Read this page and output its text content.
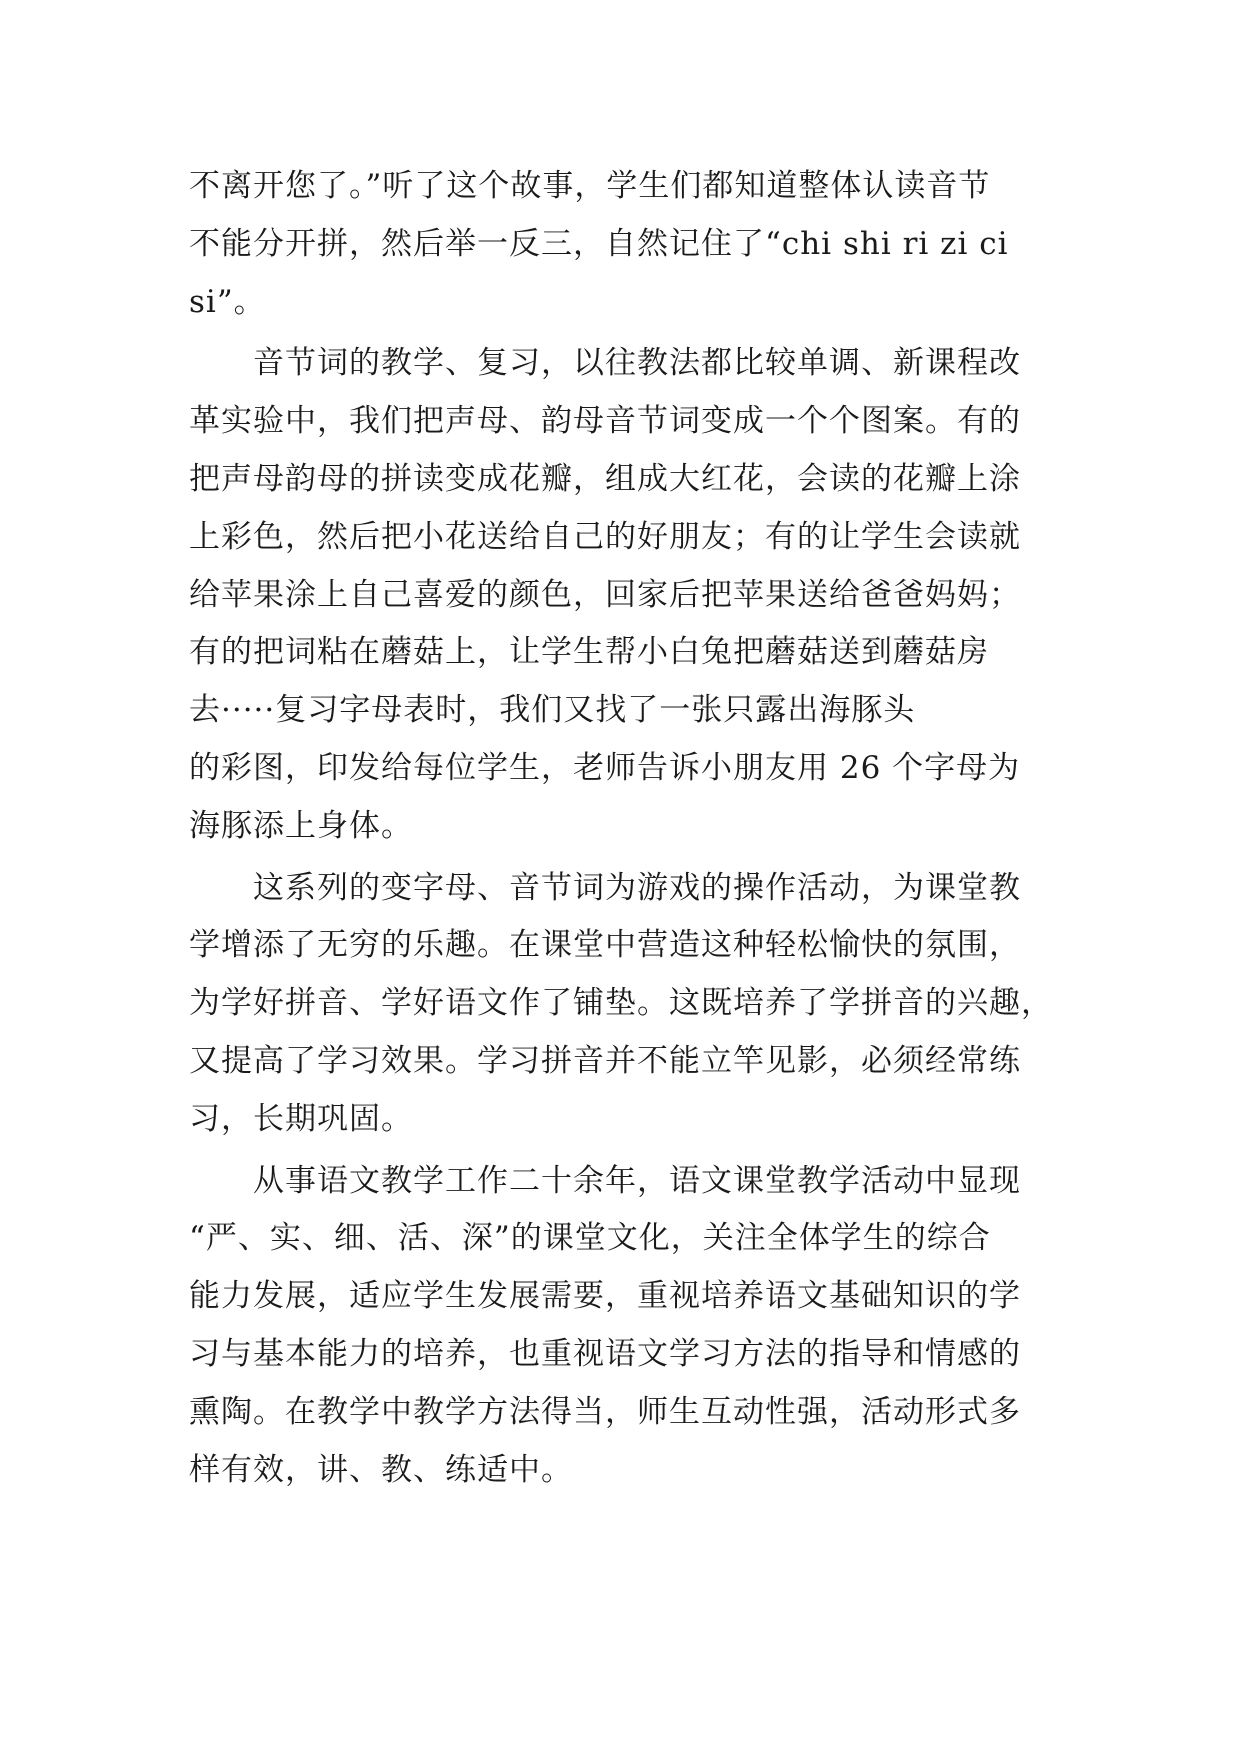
不离开您了。”听了这个故事，学生们都知道整体认读音节
不能分开拼，然后举一反三，自然记住了“chi shi ri zi ci
si”。
音节词的教学、复习，以往教法都比较单调、新课程改
革实验中，我们把声母、韵母音节词变成一个个图案。有的
把声母韵母的拼读变成花瓣，组成大红花，会读的花瓣上涂
上彩色，然后把小花送给自己的好朋友；有的让学生会读就
给苹果涂上自己喜爱的颜色，回家后把苹果送给爸爸妈妈；
有的把词粘在蘑菇上，让学生帮小白兔把蘑菇送到蘑菇房
去·····复习字母表时，我们又找了一张只露出海豚头
的彩图，印发给每位学生，老师告诉小朋友用 26 个字母为
海豚添上身体。
这系列的变字母、音节词为游戏的操作活动，为课堂教
学增添了无穷的乐趣。在课堂中营造这种轻松愉快的氛围，
为学好拼音、学好语文作了铺垫。这既培养了学拼音的兴趣，
又提高了学习效果。学习拼音并不能立竿见影，必须经常练
习，长期巩固。
从事语文教学工作二十余年，语文课堂教学活动中显现
“严、实、细、活、深”的课堂文化，关注全体学生的综合
能力发展，适应学生发展需要，重视培养语文基础知识的学
习与基本能力的培养，也重视语文学习方法的指导和情感的
熏陶。在教学中教学方法得当，师生互动性强，活动形式多
样有效，讲、教、练适中。
